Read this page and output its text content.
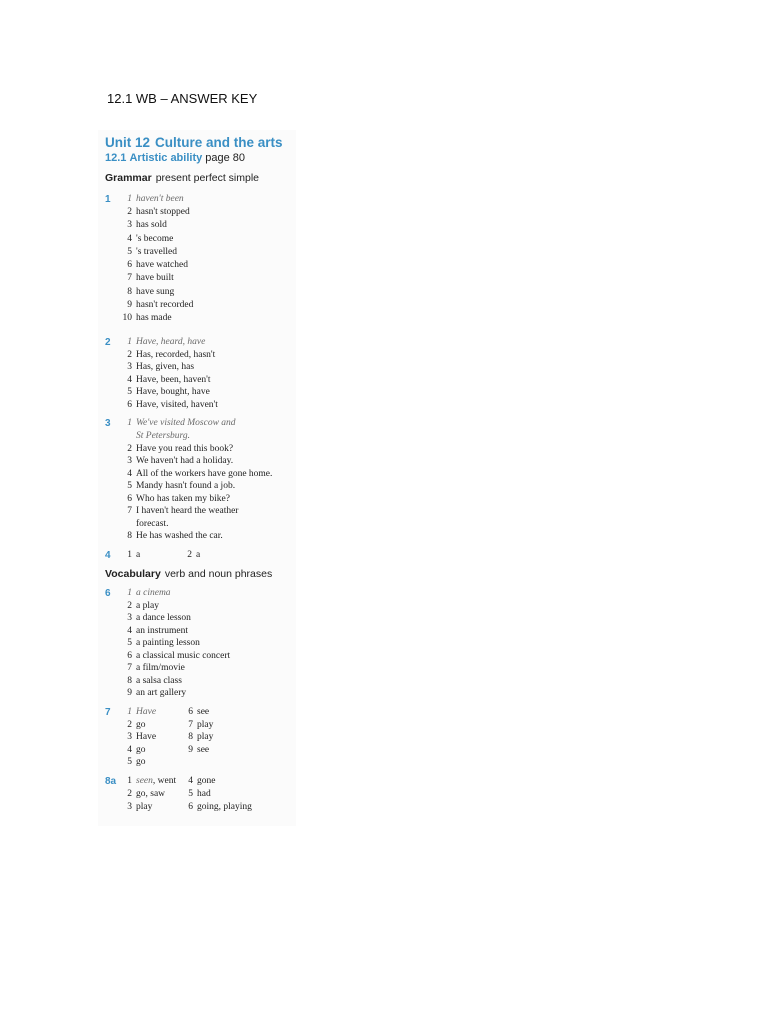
12.1 WB – ANSWER KEY
Unit 12 Culture and the arts
12.1 Artistic ability page 80
Grammar present perfect simple
1	1 haven't been
2 hasn't stopped
3 has sold
4 's become
5 's travelled
6 have watched
7 have built
8 have sung
9 hasn't recorded
10 has made
2	1 Have, heard, have
2 Has, recorded, hasn't
3 Has, given, has
4 Have, been, haven't
5 Have, bought, have
6 Have, visited, haven't
3	1 We've visited Moscow and
St Petersburg.
2 Have you read this book?
3 We haven't had a holiday.
4 All of the workers have gone home.
5 Mandy hasn't found a job.
6 Who has taken my bike?
7 I haven't heard the weather
forecast.
8 He has washed the car.
4	1 a	2 a
Vocabulary verb and noun phrases
6	1 a cinema
2 a play
3 a dance lesson
4 an instrument
5 a painting lesson
6 a classical music concert
7 a film/movie
8 a salsa class
9 an art gallery
7	1 Have
2 go
3 Have
4 go
5 go
6 see
7 play
8 play
9 see
8a	1 seen, went
2 go, saw
3 play
4 gone
5 had
6 going, playing
